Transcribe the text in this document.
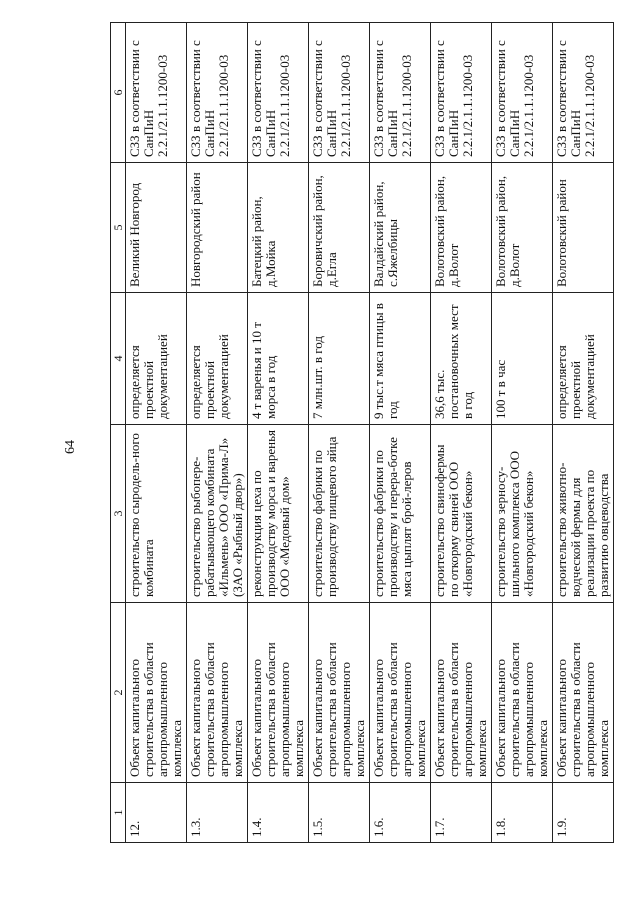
64
1	2	3	4	5	6
12.	Объект капитального строительства в области агропромышленного комплекса	строительство сыродель-ного комбината	определяется проектной документацией	Великий Новгород	СЗЗ в соответствии с СанПиН 2.2.1/2.1.1.1200-03
1.3.	Объект капитального строительства в области агропромышленного комплекса	строительство рыбопере-рабатывающего комбината «Ильмень» ООО «Прима-Л» (ЗАО «Рыбный двор»)	определяется проектной документацией	Новгородский район	СЗЗ в соответствии с СанПиН 2.2.1/2.1.1.1200-03
1.4.	Объект капитального строительства в области агропромышленного комплекса	реконструкция цеха по производству морса и варенья ООО «Медовый дом»	4 т варенья и 10 т морса в год	Батецкий район, д.Мойка	СЗЗ в соответствии с СанПиН 2.2.1/2.1.1.1200-03
1.5.	Объект капитального строительства в области агропромышленного комплекса	строительство фабрики по производству пищевого яйца	7 млн.шт. в год	Боровичский район, д.Егла	СЗЗ в соответствии с СанПиН 2.2.1/2.1.1.1200-03
1.6.	Объект капитального строительства в области агропромышленного комплекса	строительство фабрики по производству и перера-ботке мяса цыплят брой-леров	9 тыс.т мяса птицы в год	Валдайский район, с.Яжелбицы	СЗЗ в соответствии с СанПиН 2.2.1/2.1.1.1200-03
1.7.	Объект капитального строительства в области агропромышленного комплекса	строительство свинофермы по откорму свиней ООО «Новгородский бекон»	36,6 тыс. постановочных мест в год	Волотовский район, д.Волот	СЗЗ в соответствии с СанПиН 2.2.1/2.1.1.1200-03
1.8.	Объект капитального строительства в области агропромышленного комплекса	строительство зерносу-шильного комплекса ООО «Новгородский бекон»	100 т в час	Волотовский район, д.Волот	СЗЗ в соответствии с СанПиН 2.2.1/2.1.1.1200-03
1.9.	Объект капитального строительства в области агропромышленного комплекса	строительство животно-водческой фермы для реализации проекта по развитию овцеводства	определяется проектной документацией	Волотовский район	СЗЗ в соответствии с СанПиН 2.2.1/2.1.1.1200-03
